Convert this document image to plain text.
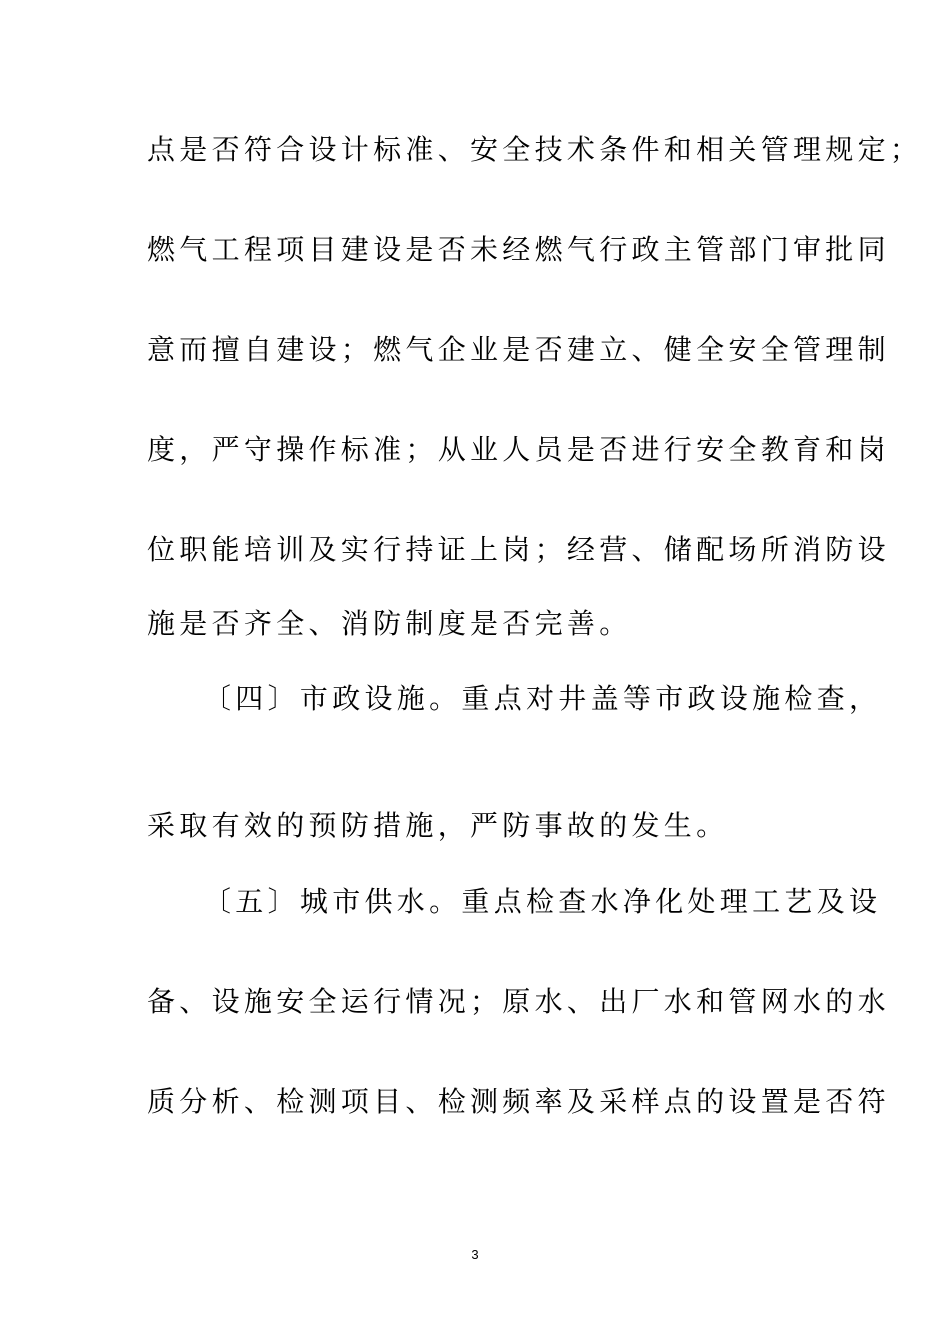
点是否符合设计标准、安全技术条件和相关管理规定；
燃气工程项目建设是否未经燃气行政主管部门审批同
意而擅自建设；燃气企业是否建立、健全安全管理制
度，严守操作标准；从业人员是否进行安全教育和岗
位职能培训及实行持证上岗；经营、储配场所消防设
施是否齐全、消防制度是否完善。
〔四〕市政设施。重点对井盖等市政设施检查，
采取有效的预防措施，严防事故的发生。
〔五〕城市供水。重点检查水净化处理工艺及设
备、设施安全运行情况；原水、出厂水和管网水的水
质分析、检测项目、检测频率及采样点的设置是否符
3
